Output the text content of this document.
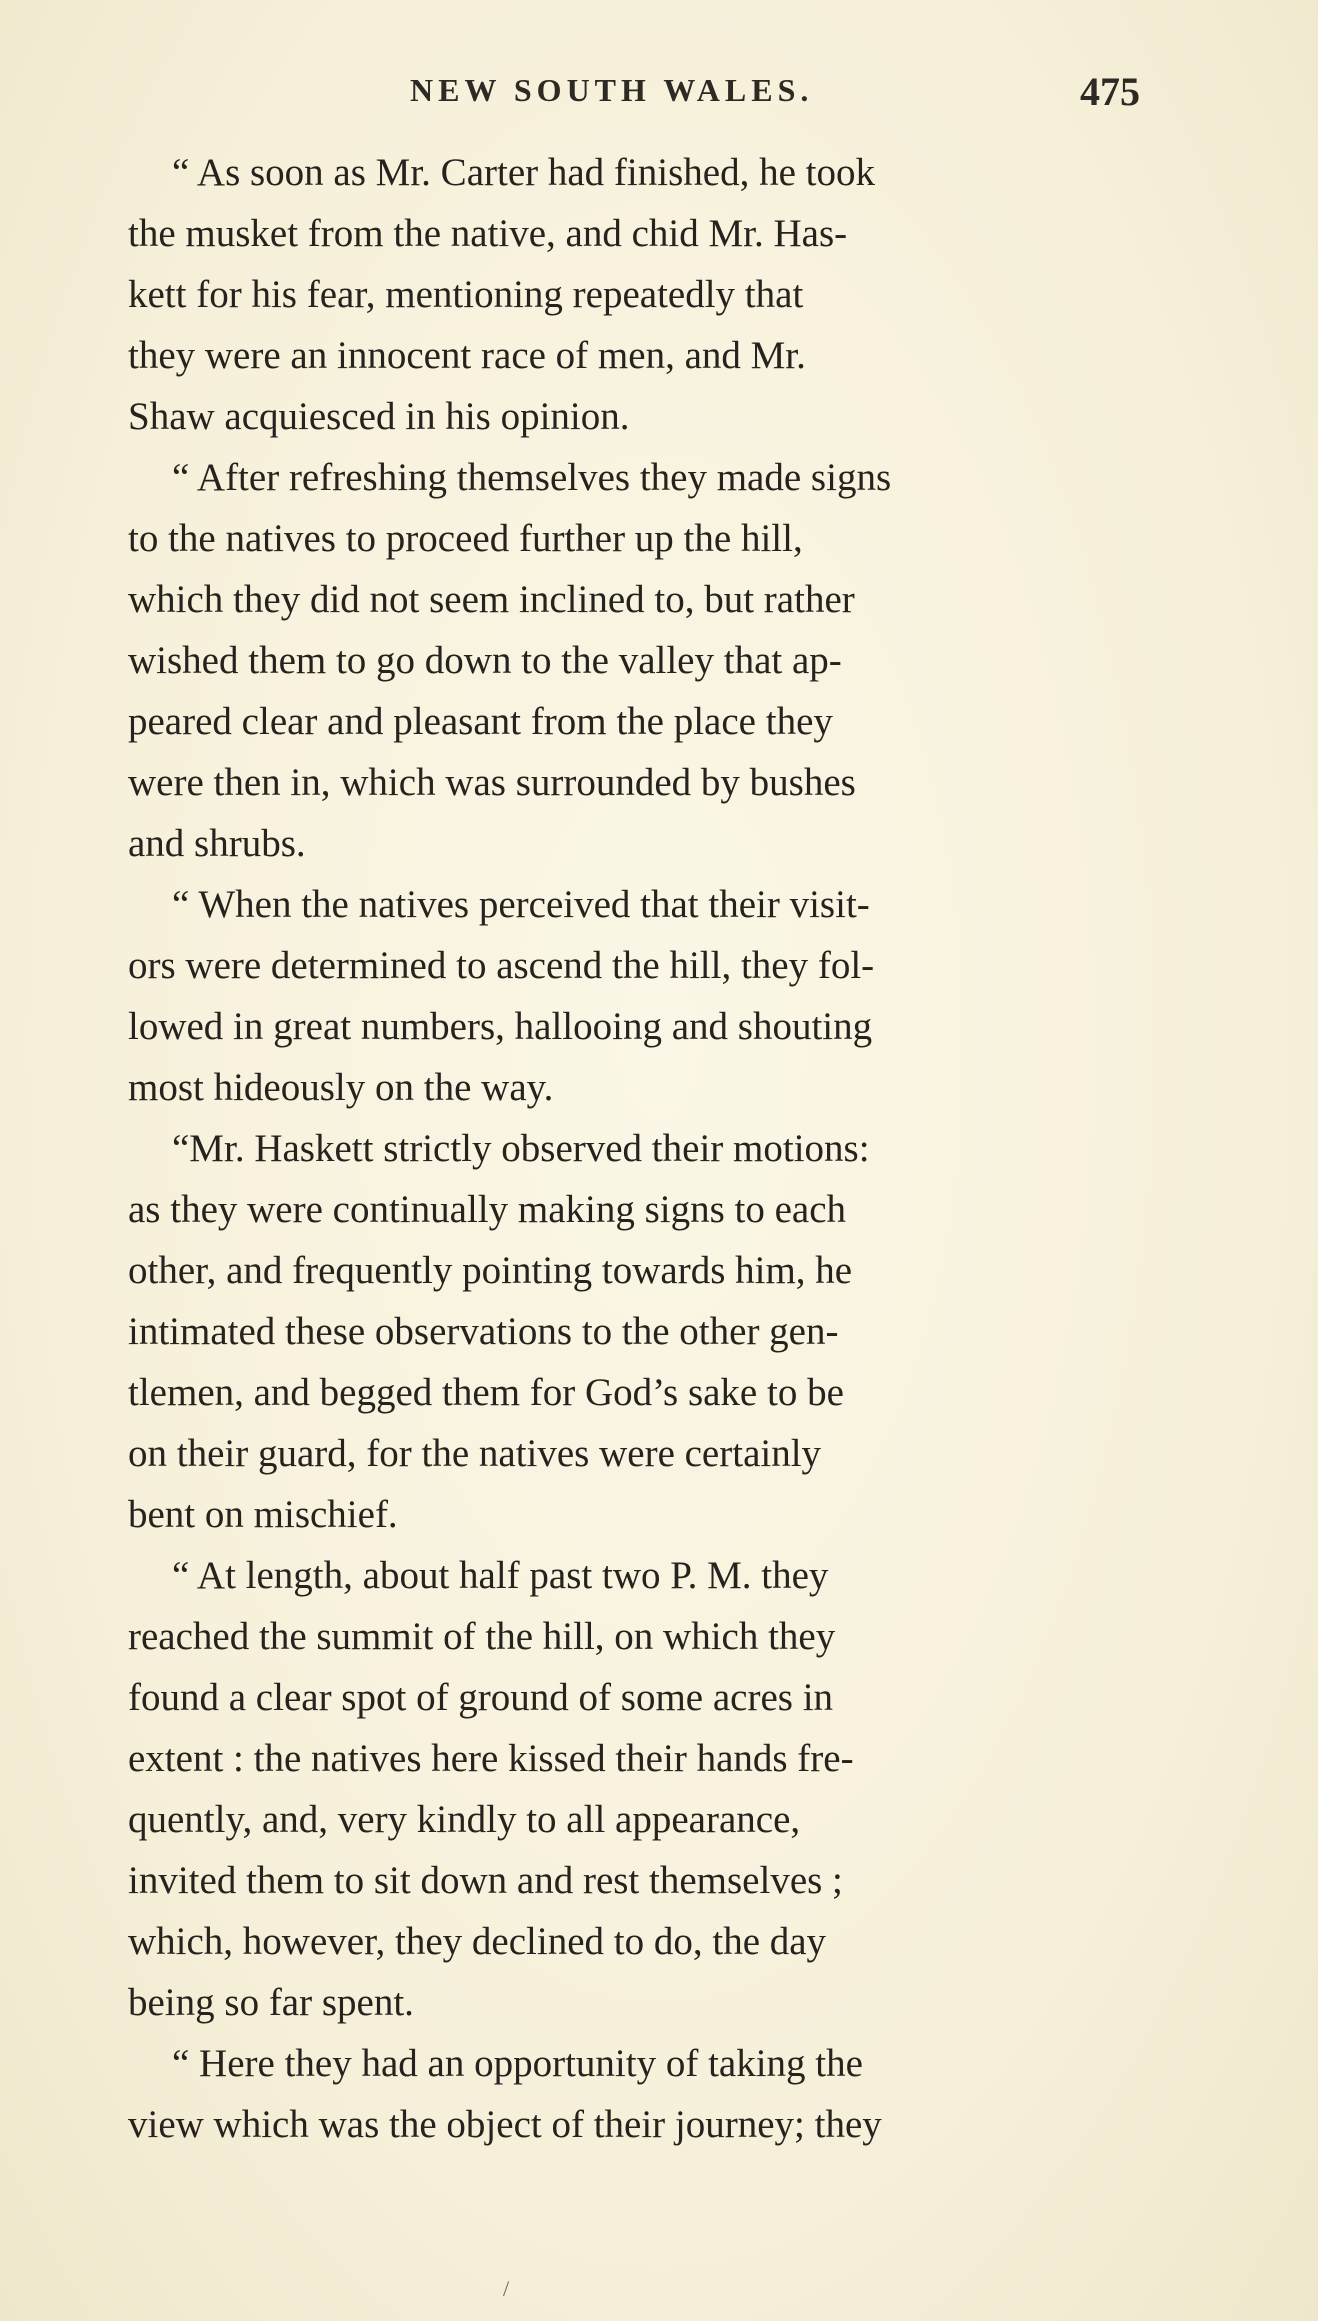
NEW SOUTH WALES.	475
“ As soon as Mr. Carter had finished, he took
the musket from the native, and chid Mr. Has-
kett for his fear, mentioning repeatedly that
they were an innocent race of men, and Mr.
Shaw acquiesced in his opinion.
“ After refreshing themselves they made signs
to the natives to proceed further up the hill,
which they did not seem inclined to, but rather
wished them to go down to the valley that ap-
peared clear and pleasant from the place they
were then in, which was surrounded by bushes
and shrubs.
“ When the natives perceived that their visit-
ors were determined to ascend the hill, they fol-
lowed in great numbers, hallooing and shouting
most hideously on the way.
“Mr. Haskett strictly observed their motions:
as they were continually making signs to each
other, and frequently pointing towards him, he
intimated these observations to the other gen-
tlemen, and begged them for God’s sake to be
on their guard, for the natives were certainly
bent on mischief.
“ At length, about half past two P. M. they
reached the summit of the hill, on which they
found a clear spot of ground of some acres in
extent : the natives here kissed their hands fre-
quently, and, very kindly to all appearance,
invited them to sit down and rest themselves ;
which, however, they declined to do, the day
being so far spent.
“ Here they had an opportunity of taking the
view which was the object of their journey; they
/
